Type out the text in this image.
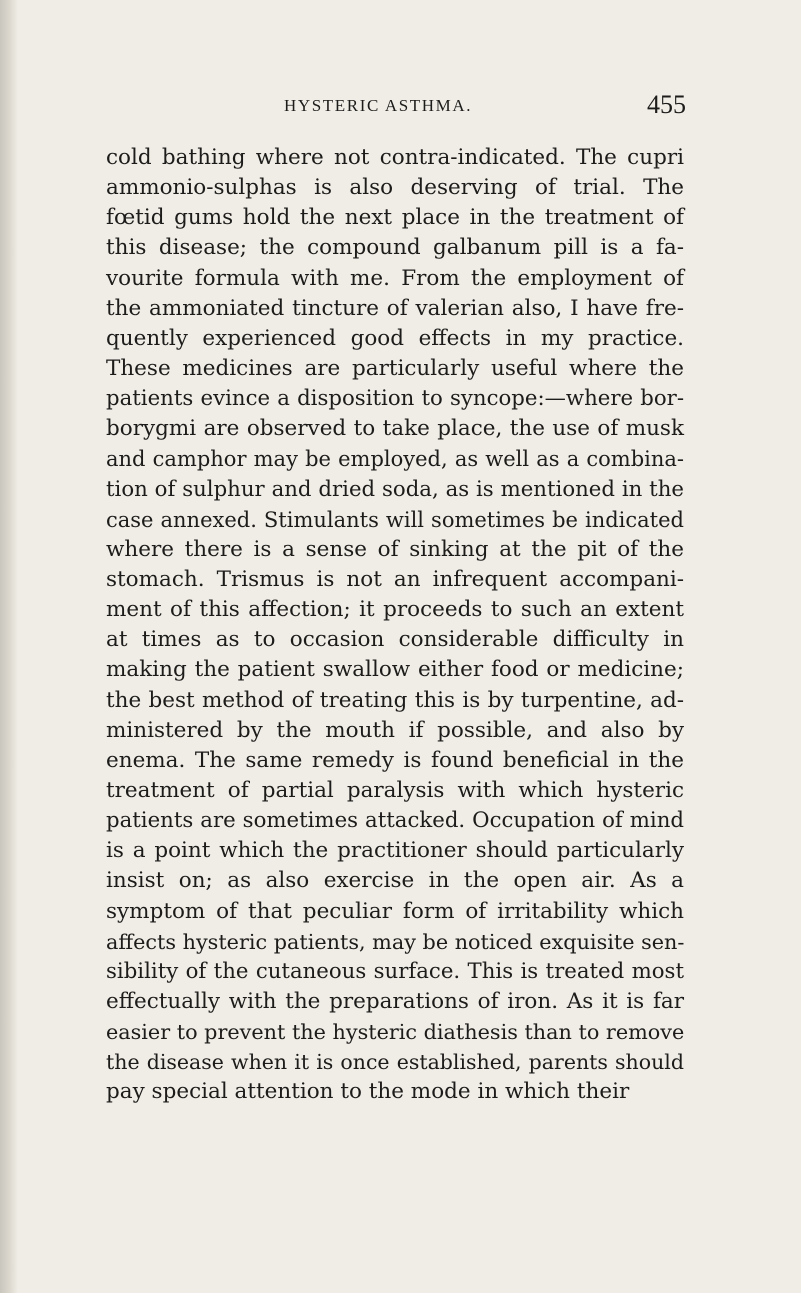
HYSTERIC ASTHMA.	455
cold bathing where not contra-indicated. The cupri
ammonio-sulphas is also deserving of trial. The
fœtid gums hold the next place in the treatment of
this disease; the compound galbanum pill is a fa-
vourite formula with me. From the employment of
the ammoniated tincture of valerian also, I have fre-
quently experienced good effects in my practice.
These medicines are particularly useful where the
patients evince a disposition to syncope:—where bor-
borygmi are observed to take place, the use of musk
and camphor may be employed, as well as a combina-
tion of sulphur and dried soda, as is mentioned in the
case annexed. Stimulants will sometimes be indicated
where there is a sense of sinking at the pit of the
stomach. Trismus is not an infrequent accompani-
ment of this affection; it proceeds to such an extent
at times as to occasion considerable difficulty in
making the patient swallow either food or medicine;
the best method of treating this is by turpentine, ad-
ministered by the mouth if possible, and also by
enema. The same remedy is found beneficial in the
treatment of partial paralysis with which hysteric
patients are sometimes attacked. Occupation of mind
is a point which the practitioner should particularly
insist on; as also exercise in the open air. As a
symptom of that peculiar form of irritability which
affects hysteric patients, may be noticed exquisite sen-
sibility of the cutaneous surface. This is treated most
effectually with the preparations of iron. As it is far
easier to prevent the hysteric diathesis than to remove
the disease when it is once established, parents should
pay special attention to the mode in which their
